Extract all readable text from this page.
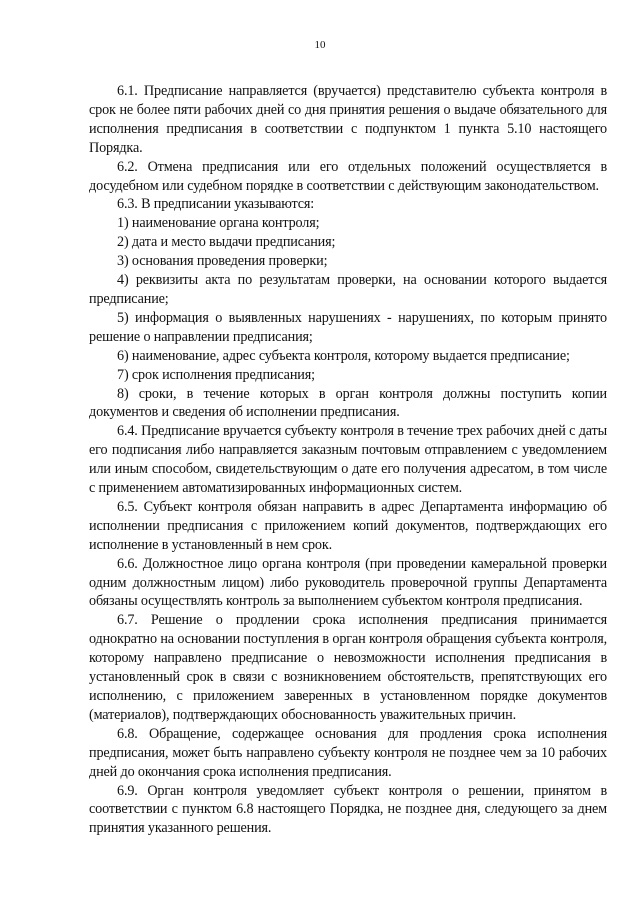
10

6.1. Предписание направляется (вручается) представителю субъекта контроля в срок не более пяти рабочих дней со дня принятия решения о выдаче обязательного для исполнения предписания в соответствии с подпунктом 1 пункта 5.10 настоящего Порядка.

6.2. Отмена предписания или его отдельных положений осуществляется в досудебном или судебном порядке в соответствии с действующим законодательством.

6.3. В предписании указываются:

1) наименование органа контроля;

2) дата и место выдачи предписания;

3) основания проведения проверки;

4) реквизиты акта по результатам проверки, на основании которого выдается предписание;

5) информация о выявленных нарушениях - нарушениях, по которым принято решение о направлении предписания;

6) наименование, адрес субъекта контроля, которому выдается предписание;

7) срок исполнения предписания;

8) сроки, в течение которых в орган контроля должны поступить копии документов и сведения об исполнении предписания.

6.4. Предписание вручается субъекту контроля в течение трех рабочих дней с даты его подписания либо направляется заказным почтовым отправлением с уведомлением или иным способом, свидетельствующим о дате его получения адресатом, в том числе с применением автоматизированных информационных систем.

6.5. Субъект контроля обязан направить в адрес Департамента информацию об исполнении предписания с приложением копий документов, подтверждающих его исполнение в установленный в нем срок.

6.6. Должностное лицо органа контроля (при проведении камеральной проверки одним должностным лицом) либо руководитель проверочной группы Департамента обязаны осуществлять контроль за выполнением субъектом контроля предписания.

6.7. Решение о продлении срока исполнения предписания принимается однократно на основании поступления в орган контроля обращения субъекта контроля, которому направлено предписание о невозможности исполнения предписания в установленный срок в связи с возникновением обстоятельств, препятствующих его исполнению, с приложением заверенных в установленном порядке документов (материалов), подтверждающих обоснованность уважительных причин.

6.8. Обращение, содержащее основания для продления срока исполнения предписания, может быть направлено субъекту контроля не позднее чем за 10 рабочих дней до окончания срока исполнения предписания.

6.9. Орган контроля уведомляет субъект контроля о решении, принятом в соответствии с пунктом 6.8 настоящего Порядка, не позднее дня, следующего за днем принятия указанного решения.
